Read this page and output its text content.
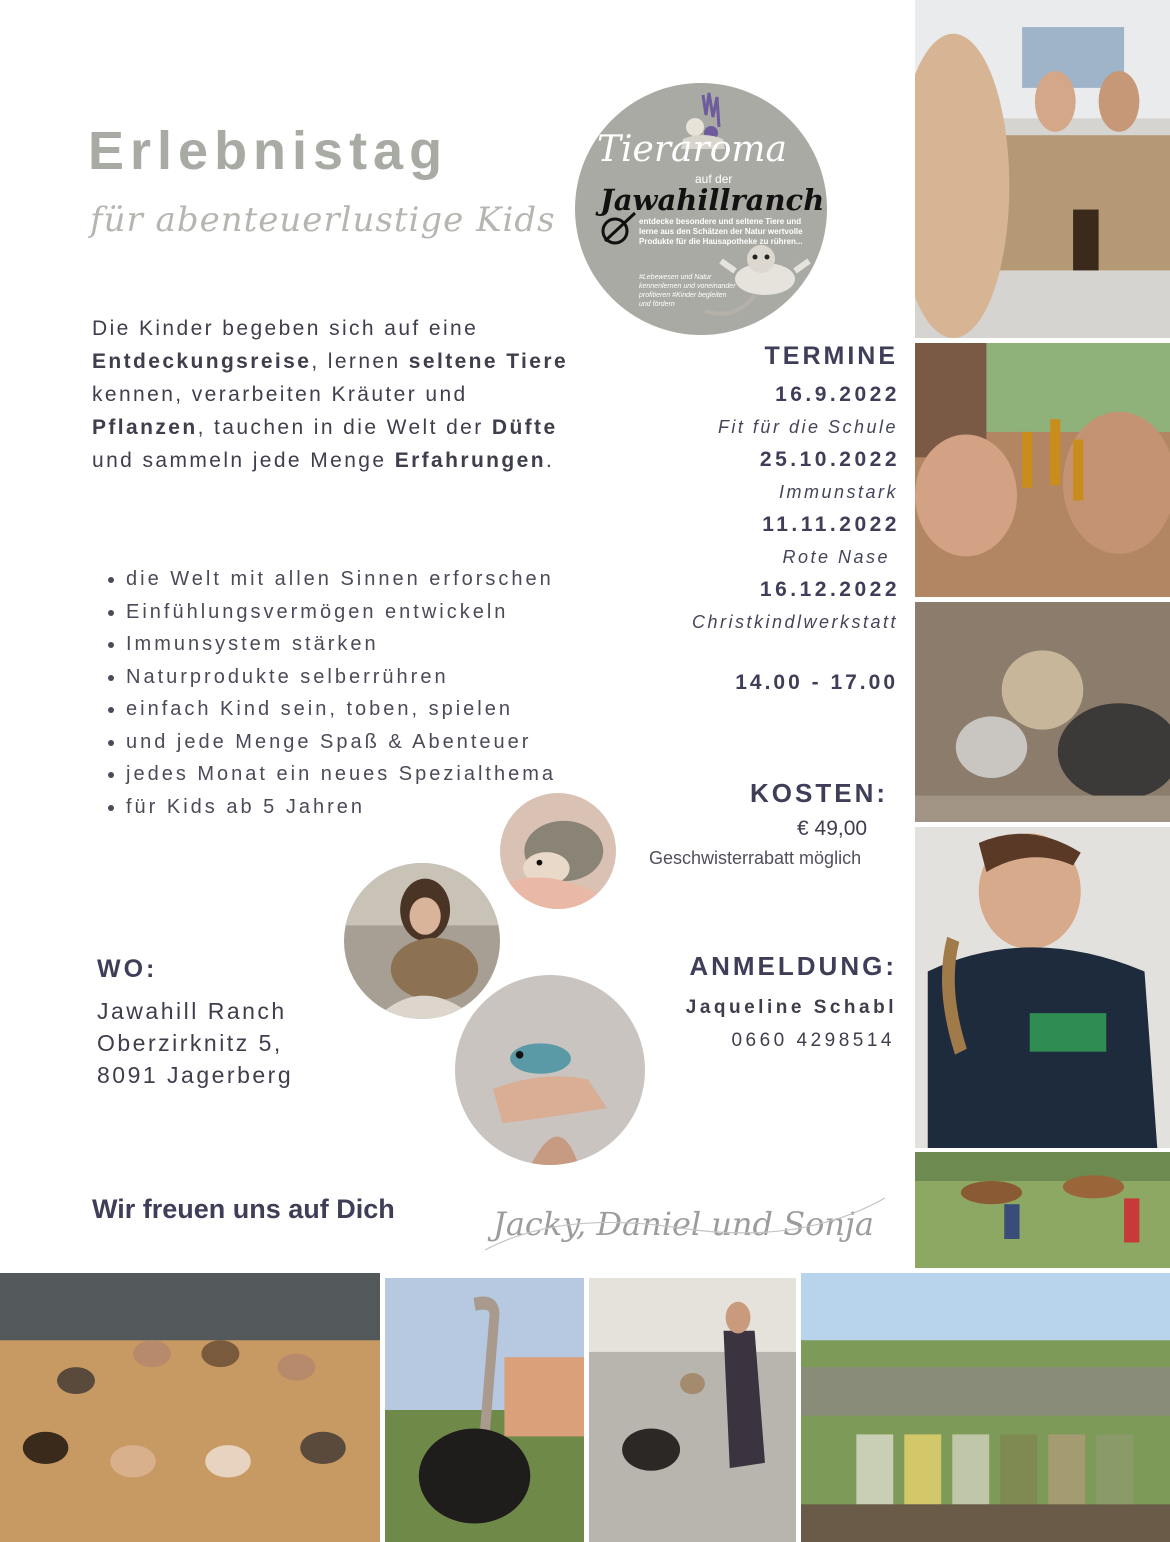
Erlebnistag
für abenteuerlustige Kids
Tieraroma
auf der
Jawahillranch
entdecke besondere und seltene Tiere und lerne aus den Schätzen der Natur wertvolle Produkte für die Hausapotheke zu rühren...
#Lebewesen und Natur kennenlernen und voneinander profitieren #Kinder begleiten und fördern
Die Kinder begeben sich auf eine Entdeckungsreise, lernen seltene Tiere kennen, verarbeiten Kräuter und Pflanzen, tauchen in die Welt der Düfte und sammeln jede Menge Erfahrungen.
• die Welt mit allen Sinnen erforschen
• Einfühlungsvermögen entwickeln
• Immunsystem stärken
• Naturprodukte selberrühren
• einfach Kind sein, toben, spielen
• und jede Menge Spaß & Abenteuer
• jedes Monat ein neues Spezialthema
• für Kids ab 5 Jahren
TERMINE
16.9.2022
Fit für die Schule
25.10.2022
Immunstark
11.11.2022
Rote Nase
16.12.2022
Christkindlwerkstatt
14.00 - 17.00
KOSTEN:
€ 49,00
Geschwisterrabatt möglich
WO:
Jawahill Ranch
Oberzirknitz 5,
8091 Jagerberg
ANMELDUNG:
Jaqueline Schabl
0660 4298514
Wir freuen uns auf Dich	Jacky, Daniel und Sonja
